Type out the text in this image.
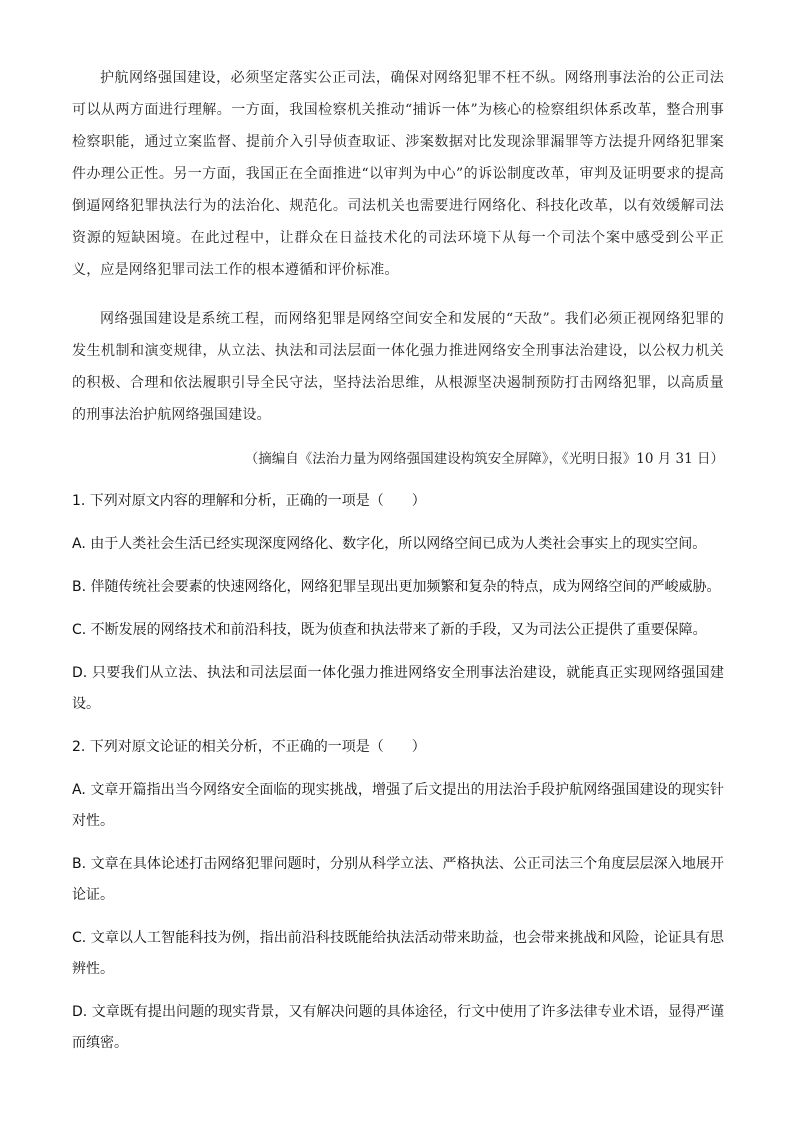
护航网络强国建设，必须坚定落实公正司法，确保对网络犯罪不枉不纵。网络刑事法治的公正司法可以从两方面进行理解。一方面，我国检察机关推动“捕诉一体”为核心的检察组织体系改革，整合刑事检察职能，通过立案监督、提前介入引导侦查取证、涉案数据对比发现涂罪漏罪等方法提升网络犯罪案件办理公正性。另一方面，我国正在全面推进“以审判为中心”的诉讼制度改革，审判及证明要求的提高倒逼网络犯罪执法行为的法治化、规范化。司法机关也需要进行网络化、科技化改革，以有效缓解司法资源的短缺困境。在此过程中，让群众在日益技术化的司法环境下从每一个司法个案中感受到公平正义，应是网络犯罪司法工作的根本遵循和评价标准。

网络强国建设是系统工程，而网络犯罪是网络空间安全和发展的“天敌”。我们必须正视网络犯罪的发生机制和演变规律，从立法、执法和司法层面一体化强力推进网络安全刑事法治建设，以公权力机关的积极、合理和依法履职引导全民守法，坚持法治思维，从根源坚决遏制预防打击网络犯罪，以高质量的刑事法治护航网络强国建设。

（摘编自《法治力量为网络强国建设构筑安全屏障》，《光明日报》10 月 31 日）
1. 下列对原文内容的理解和分析，正确的一项是（　　）
A. 由于人类社会生活已经实现深度网络化、数字化，所以网络空间已成为人类社会事实上的现实空间。
B. 伴随传统社会要素的快速网络化，网络犯罪呈现出更加频繁和复杂的特点，成为网络空间的严峻威胁。
C. 不断发展的网络技术和前沿科技，既为侦查和执法带来了新的手段，又为司法公正提供了重要保障。
D. 只要我们从立法、执法和司法层面一体化强力推进网络安全刑事法治建设，就能真正实现网络强国建设。
2. 下列对原文论证的相关分析，不正确的一项是（　　）
A. 文章开篇指出当今网络安全面临的现实挑战，增强了后文提出的用法治手段护航网络强国建设的现实针对性。
B. 文章在具体论述打击网络犯罪问题时，分别从科学立法、严格执法、公正司法三个角度层层深入地展开论证。
C. 文章以人工智能科技为例，指出前沿科技既能给执法活动带来助益，也会带来挑战和风险，论证具有思辨性。
D. 文章既有提出问题的现实背景，又有解决问题的具体途径，行文中使用了许多法律专业术语，显得严谨而缜密。
